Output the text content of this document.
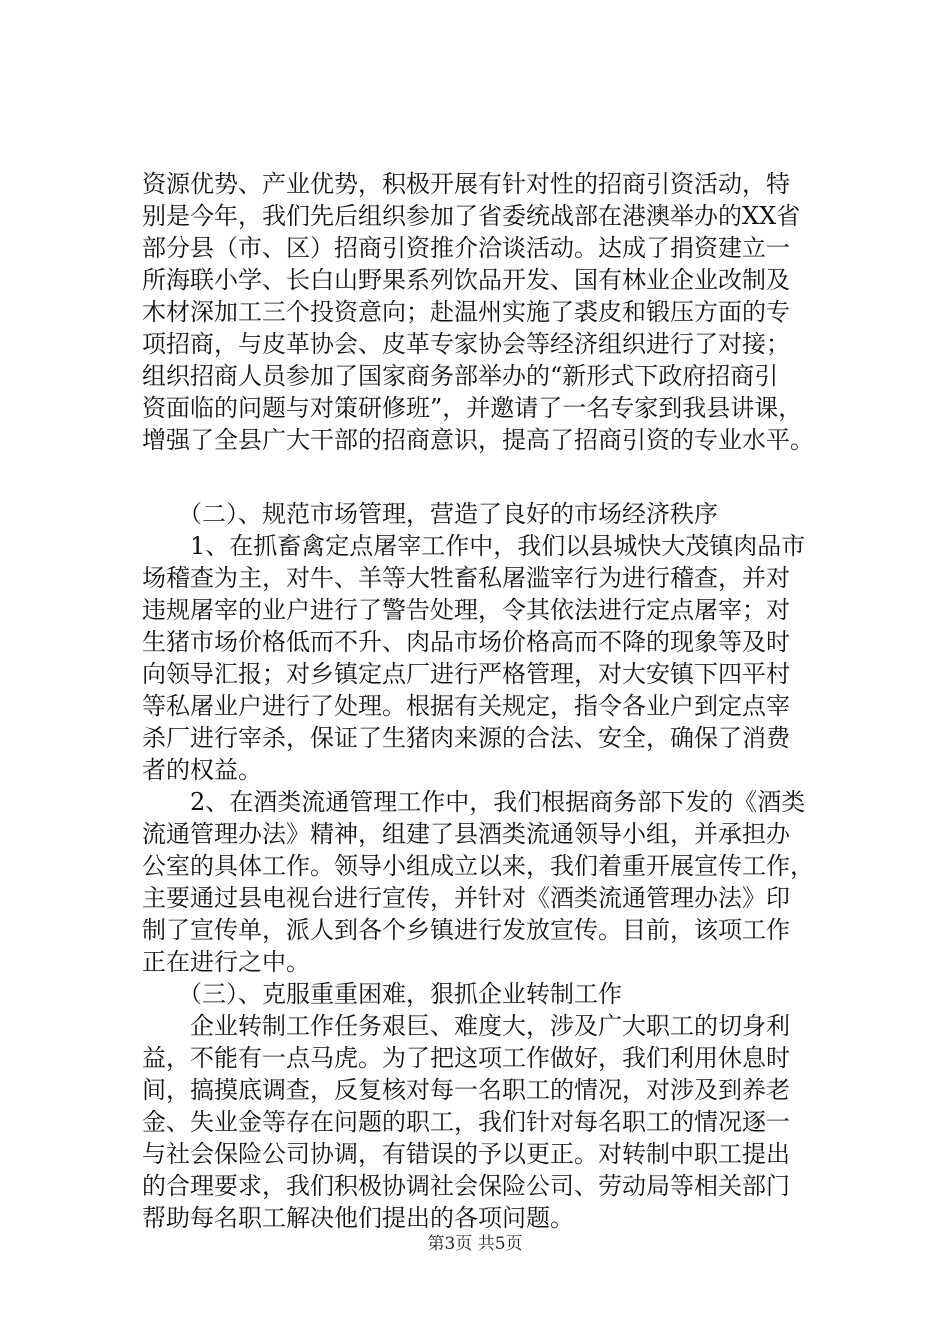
资源优势、产业优势，积极开展有针对性的招商引资活动，特
别是今年，我们先后组织参加了省委统战部在港澳举办的XX省
部分县（市、区）招商引资推介洽谈活动。达成了捐资建立一
所海联小学、长白山野果系列饮品开发、国有林业企业改制及
木材深加工三个投资意向；赴温州实施了裘皮和锻压方面的专
项招商，与皮革协会、皮革专家协会等经济组织进行了对接；
组织招商人员参加了国家商务部举办的“新形式下政府招商引
资面临的问题与对策研修班”，并邀请了一名专家到我县讲课，
增强了全县广大干部的招商意识，提高了招商引资的专业水平。
　　（二）、规范市场管理，营造了良好的市场经济秩序
　　1、在抓畜禽定点屠宰工作中，我们以县城快大茂镇肉品市
场稽查为主，对牛、羊等大牲畜私屠滥宰行为进行稽查，并对
违规屠宰的业户进行了警告处理，令其依法进行定点屠宰；对
生猪市场价格低而不升、肉品市场价格高而不降的现象等及时
向领导汇报；对乡镇定点厂进行严格管理，对大安镇下四平村
等私屠业户进行了处理。根据有关规定，指令各业户到定点宰
杀厂进行宰杀，保证了生猪肉来源的合法、安全，确保了消费
者的权益。
　　2、在酒类流通管理工作中，我们根据商务部下发的《酒类
流通管理办法》精神，组建了县酒类流通领导小组，并承担办
公室的具体工作。领导小组成立以来，我们着重开展宣传工作，
主要通过县电视台进行宣传，并针对《酒类流通管理办法》印
制了宣传单，派人到各个乡镇进行发放宣传。目前，该项工作
正在进行之中。
　　（三）、克服重重困难，狠抓企业转制工作
　　企业转制工作任务艰巨、难度大，涉及广大职工的切身利
益，不能有一点马虎。为了把这项工作做好，我们利用休息时
间，搞摸底调查，反复核对每一名职工的情况，对涉及到养老
金、失业金等存在问题的职工，我们针对每名职工的情况逐一
与社会保险公司协调，有错误的予以更正。对转制中职工提出
的合理要求，我们积极协调社会保险公司、劳动局等相关部门
帮助每名职工解决他们提出的各项问题。
第3页 共5页
